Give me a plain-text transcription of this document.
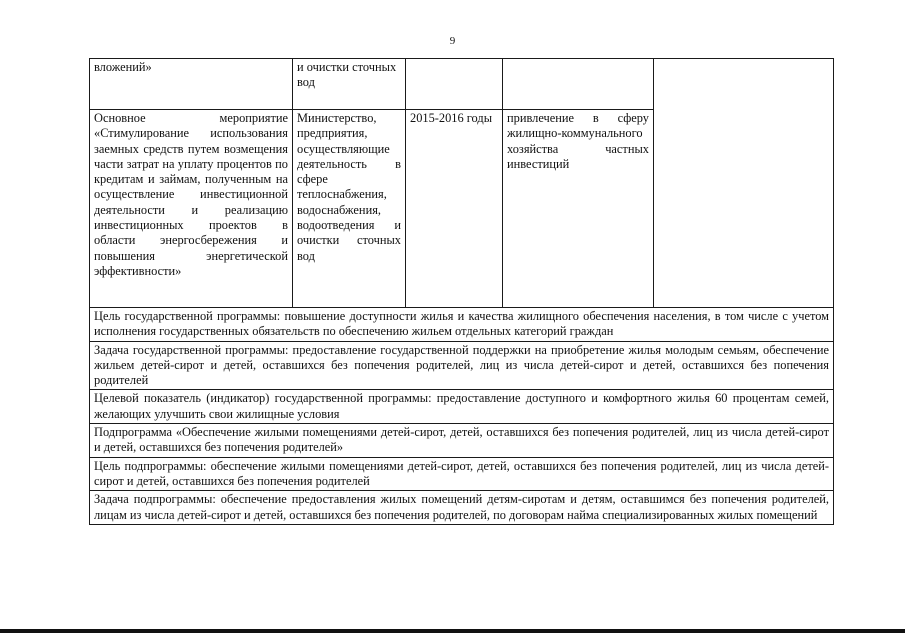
9
вложений»	и очистки сточных вод			
Основное мероприятие «Стимулирование использования заемных средств путем возмещения части затрат на уплату процентов по кредитам и займам, полученным на осуществление инвестиционной деятельности и реализацию инвестиционных проектов в области энергосбережения и повышения энергетической эффективности»	Министерство, предприятия, осуществляющие деятельность в сфере теплоснабжения, водоснабжения, водоотведения и очистки сточных вод	2015-2016 годы	привлечение в сферу жилищно-коммунального хозяйства частных инвестиций	
Цель государственной программы: повышение доступности жилья и качества жилищного обеспечения населения, в том числе с учетом исполнения государственных обязательств по обеспечению жильем отдельных категорий граждан				
Задача государственной программы: предоставление государственной поддержки на приобретение жилья молодым семьям, обеспечение жильем детей-сирот и детей, оставшихся без попечения родителей, лиц из числа детей-сирот и детей, оставшихся без попечения родителей				
Целевой показатель (индикатор) государственной программы: предоставление доступного и комфортного жилья 60 процентам семей, желающих улучшить свои жилищные условия				
Подпрограмма «Обеспечение жилыми помещениями детей-сирот, детей, оставшихся без попечения родителей, лиц из числа детей-сирот и детей, оставшихся без попечения родителей»				
Цель подпрограммы: обеспечение жилыми помещениями детей-сирот, детей, оставшихся без попечения родителей, лиц из числа детей-сирот и детей, оставшихся без попечения родителей				
Задача подпрограммы: обеспечение предоставления жилых помещений детям-сиротам и детям, оставшимся без попечения родителей, лицам из числа детей-сирот и детей, оставшихся без попечения родителей, по договорам найма специализированных жилых помещений				
